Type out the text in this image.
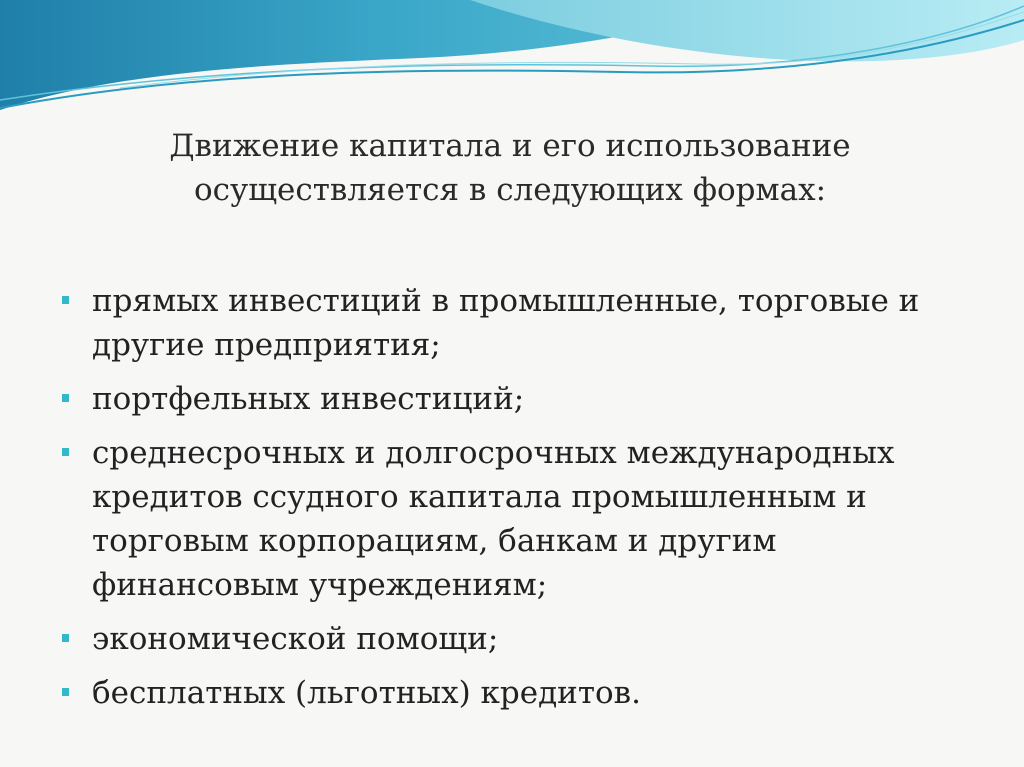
Движение капитала и его использование
осуществляется в следующих формах:
прямых инвестиций в промышленные, торговые и другие предприятия;
портфельных инвестиций;
среднесрочных и долгосрочных международных кредитов ссудного капитала промышленным и торговым корпорациям, банкам и другим финансовым учреждениям;
экономической помощи;
бесплатных (льготных) кредитов.
